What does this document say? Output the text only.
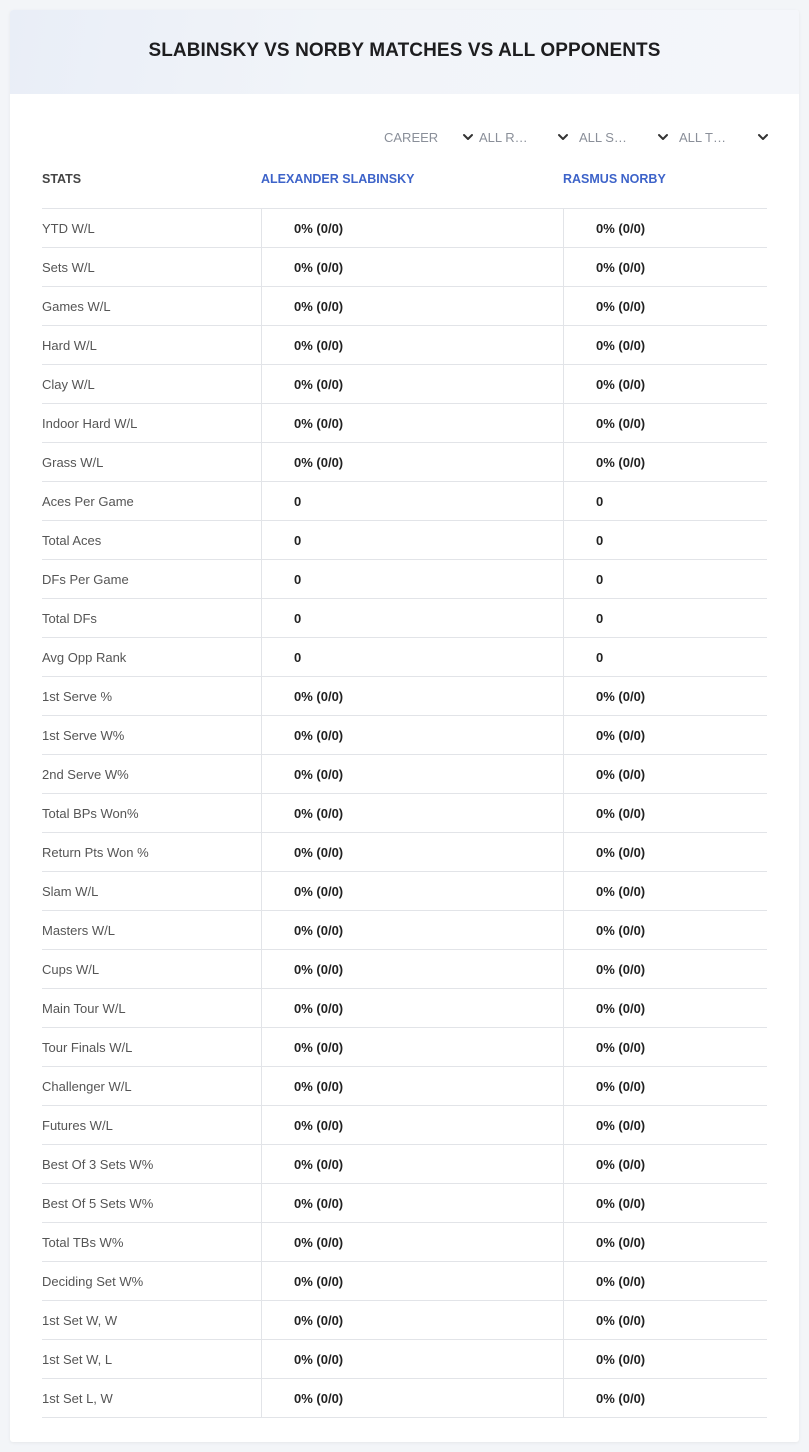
SLABINSKY VS NORBY MATCHES VS ALL OPPONENTS
CAREER	ALL R…	ALL S…	ALL T…
STATS	ALEXANDER SLABINSKY	RASMUS NORBY
YTD W/L	0% (0/0)	0% (0/0)
Sets W/L	0% (0/0)	0% (0/0)
Games W/L	0% (0/0)	0% (0/0)
Hard W/L	0% (0/0)	0% (0/0)
Clay W/L	0% (0/0)	0% (0/0)
Indoor Hard W/L	0% (0/0)	0% (0/0)
Grass W/L	0% (0/0)	0% (0/0)
Aces Per Game	0	0
Total Aces	0	0
DFs Per Game	0	0
Total DFs	0	0
Avg Opp Rank	0	0
1st Serve %	0% (0/0)	0% (0/0)
1st Serve W%	0% (0/0)	0% (0/0)
2nd Serve W%	0% (0/0)	0% (0/0)
Total BPs Won%	0% (0/0)	0% (0/0)
Return Pts Won %	0% (0/0)	0% (0/0)
Slam W/L	0% (0/0)	0% (0/0)
Masters W/L	0% (0/0)	0% (0/0)
Cups W/L	0% (0/0)	0% (0/0)
Main Tour W/L	0% (0/0)	0% (0/0)
Tour Finals W/L	0% (0/0)	0% (0/0)
Challenger W/L	0% (0/0)	0% (0/0)
Futures W/L	0% (0/0)	0% (0/0)
Best Of 3 Sets W%	0% (0/0)	0% (0/0)
Best Of 5 Sets W%	0% (0/0)	0% (0/0)
Total TBs W%	0% (0/0)	0% (0/0)
Deciding Set W%	0% (0/0)	0% (0/0)
1st Set W, W	0% (0/0)	0% (0/0)
1st Set W, L	0% (0/0)	0% (0/0)
1st Set L, W	0% (0/0)	0% (0/0)
